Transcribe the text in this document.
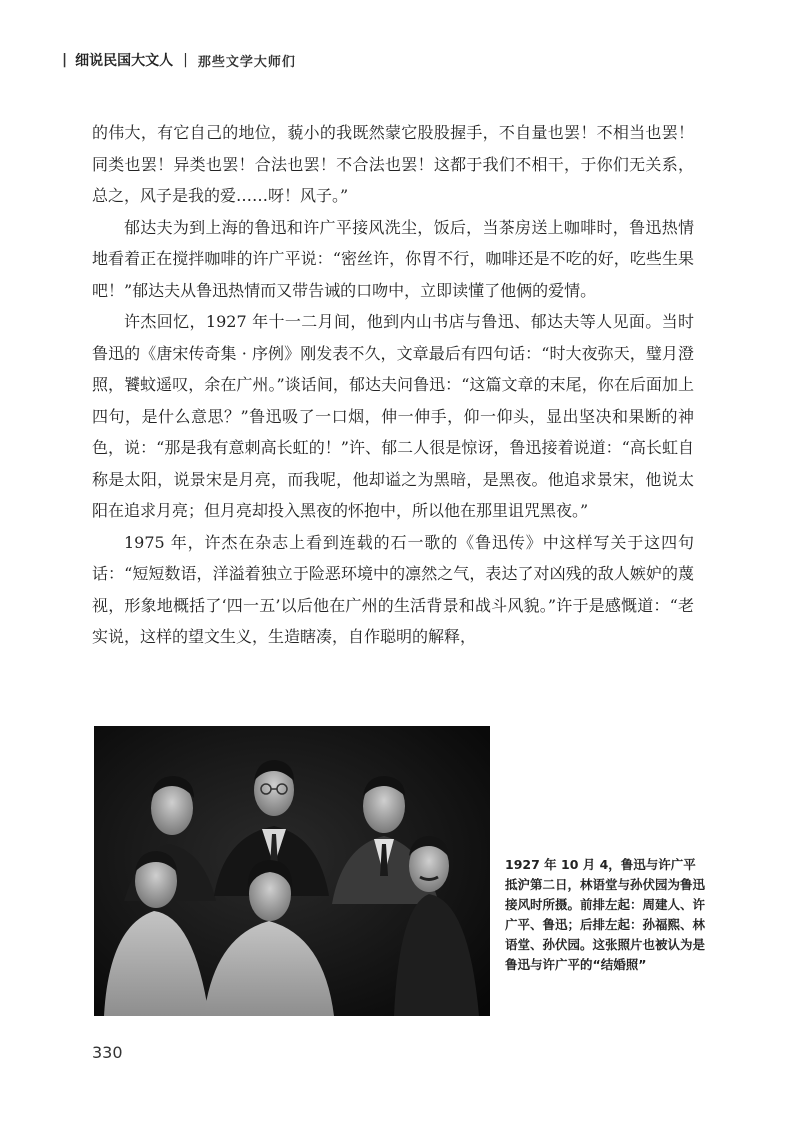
| 细说民国大文人 | 那些文学大师们

的伟大，有它自己的地位，藐小的我既然蒙它股股握手，不自量也罢！不相当也罢！同类也罢！异类也罢！合法也罢！不合法也罢！这都于我们不相干，于你们无关系，总之，风子是我的爱……呀！风子。”

郁达夫为到上海的鲁迅和许广平接风洗尘，饭后，当茶房送上咖啡时，鲁迅热情地看着正在搅拌咖啡的许广平说：“密丝许，你胃不行，咖啡还是不吃的好，吃些生果吧！”郁达夫从鲁迅热情而又带告诫的口吻中，立即读懂了他俩的爱情。

许杰回忆，1927 年十一二月间，他到内山书店与鲁迅、郁达夫等人见面。当时鲁迅的《唐宋传奇集 · 序例》刚发表不久，文章最后有四句话：“时大夜弥天，璧月澄照，饕蚊遥叹，余在广州。”谈话间，郁达夫问鲁迅：“这篇文章的末尾，你在后面加上四句，是什么意思？”鲁迅吸了一口烟，伸一伸手，仰一仰头，显出坚决和果断的神色，说：“那是我有意刺高长虹的！”许、郁二人很是惊讶，鲁迅接着说道：“高长虹自称是太阳，说景宋是月亮，而我呢，他却谥之为黑暗，是黑夜。他追求景宋，他说太阳在追求月亮；但月亮却投入黑夜的怀抱中，所以他在那里诅咒黑夜。”

1975 年，许杰在杂志上看到连载的石一歌的《鲁迅传》中这样写关于这四句话：“短短数语，洋溢着独立于险恶环境中的凛然之气，表达了对凶残的敌人嫉妒的蔑视，形象地概括了‘四一五’以后他在广州的生活背景和战斗风貌。”许于是感慨道：“老实说，这样的望文生义，生造瞎凑，自作聪明的解释，

1927 年 10 月 4，鲁迅与许广平抵沪第二日，林语堂与孙伏园为鲁迅接风时所摄。前排左起：周建人、许广平、鲁迅；后排左起：孙福熙、林语堂、孙伏园。这张照片也被认为是鲁迅与许广平的“结婚照”
330
